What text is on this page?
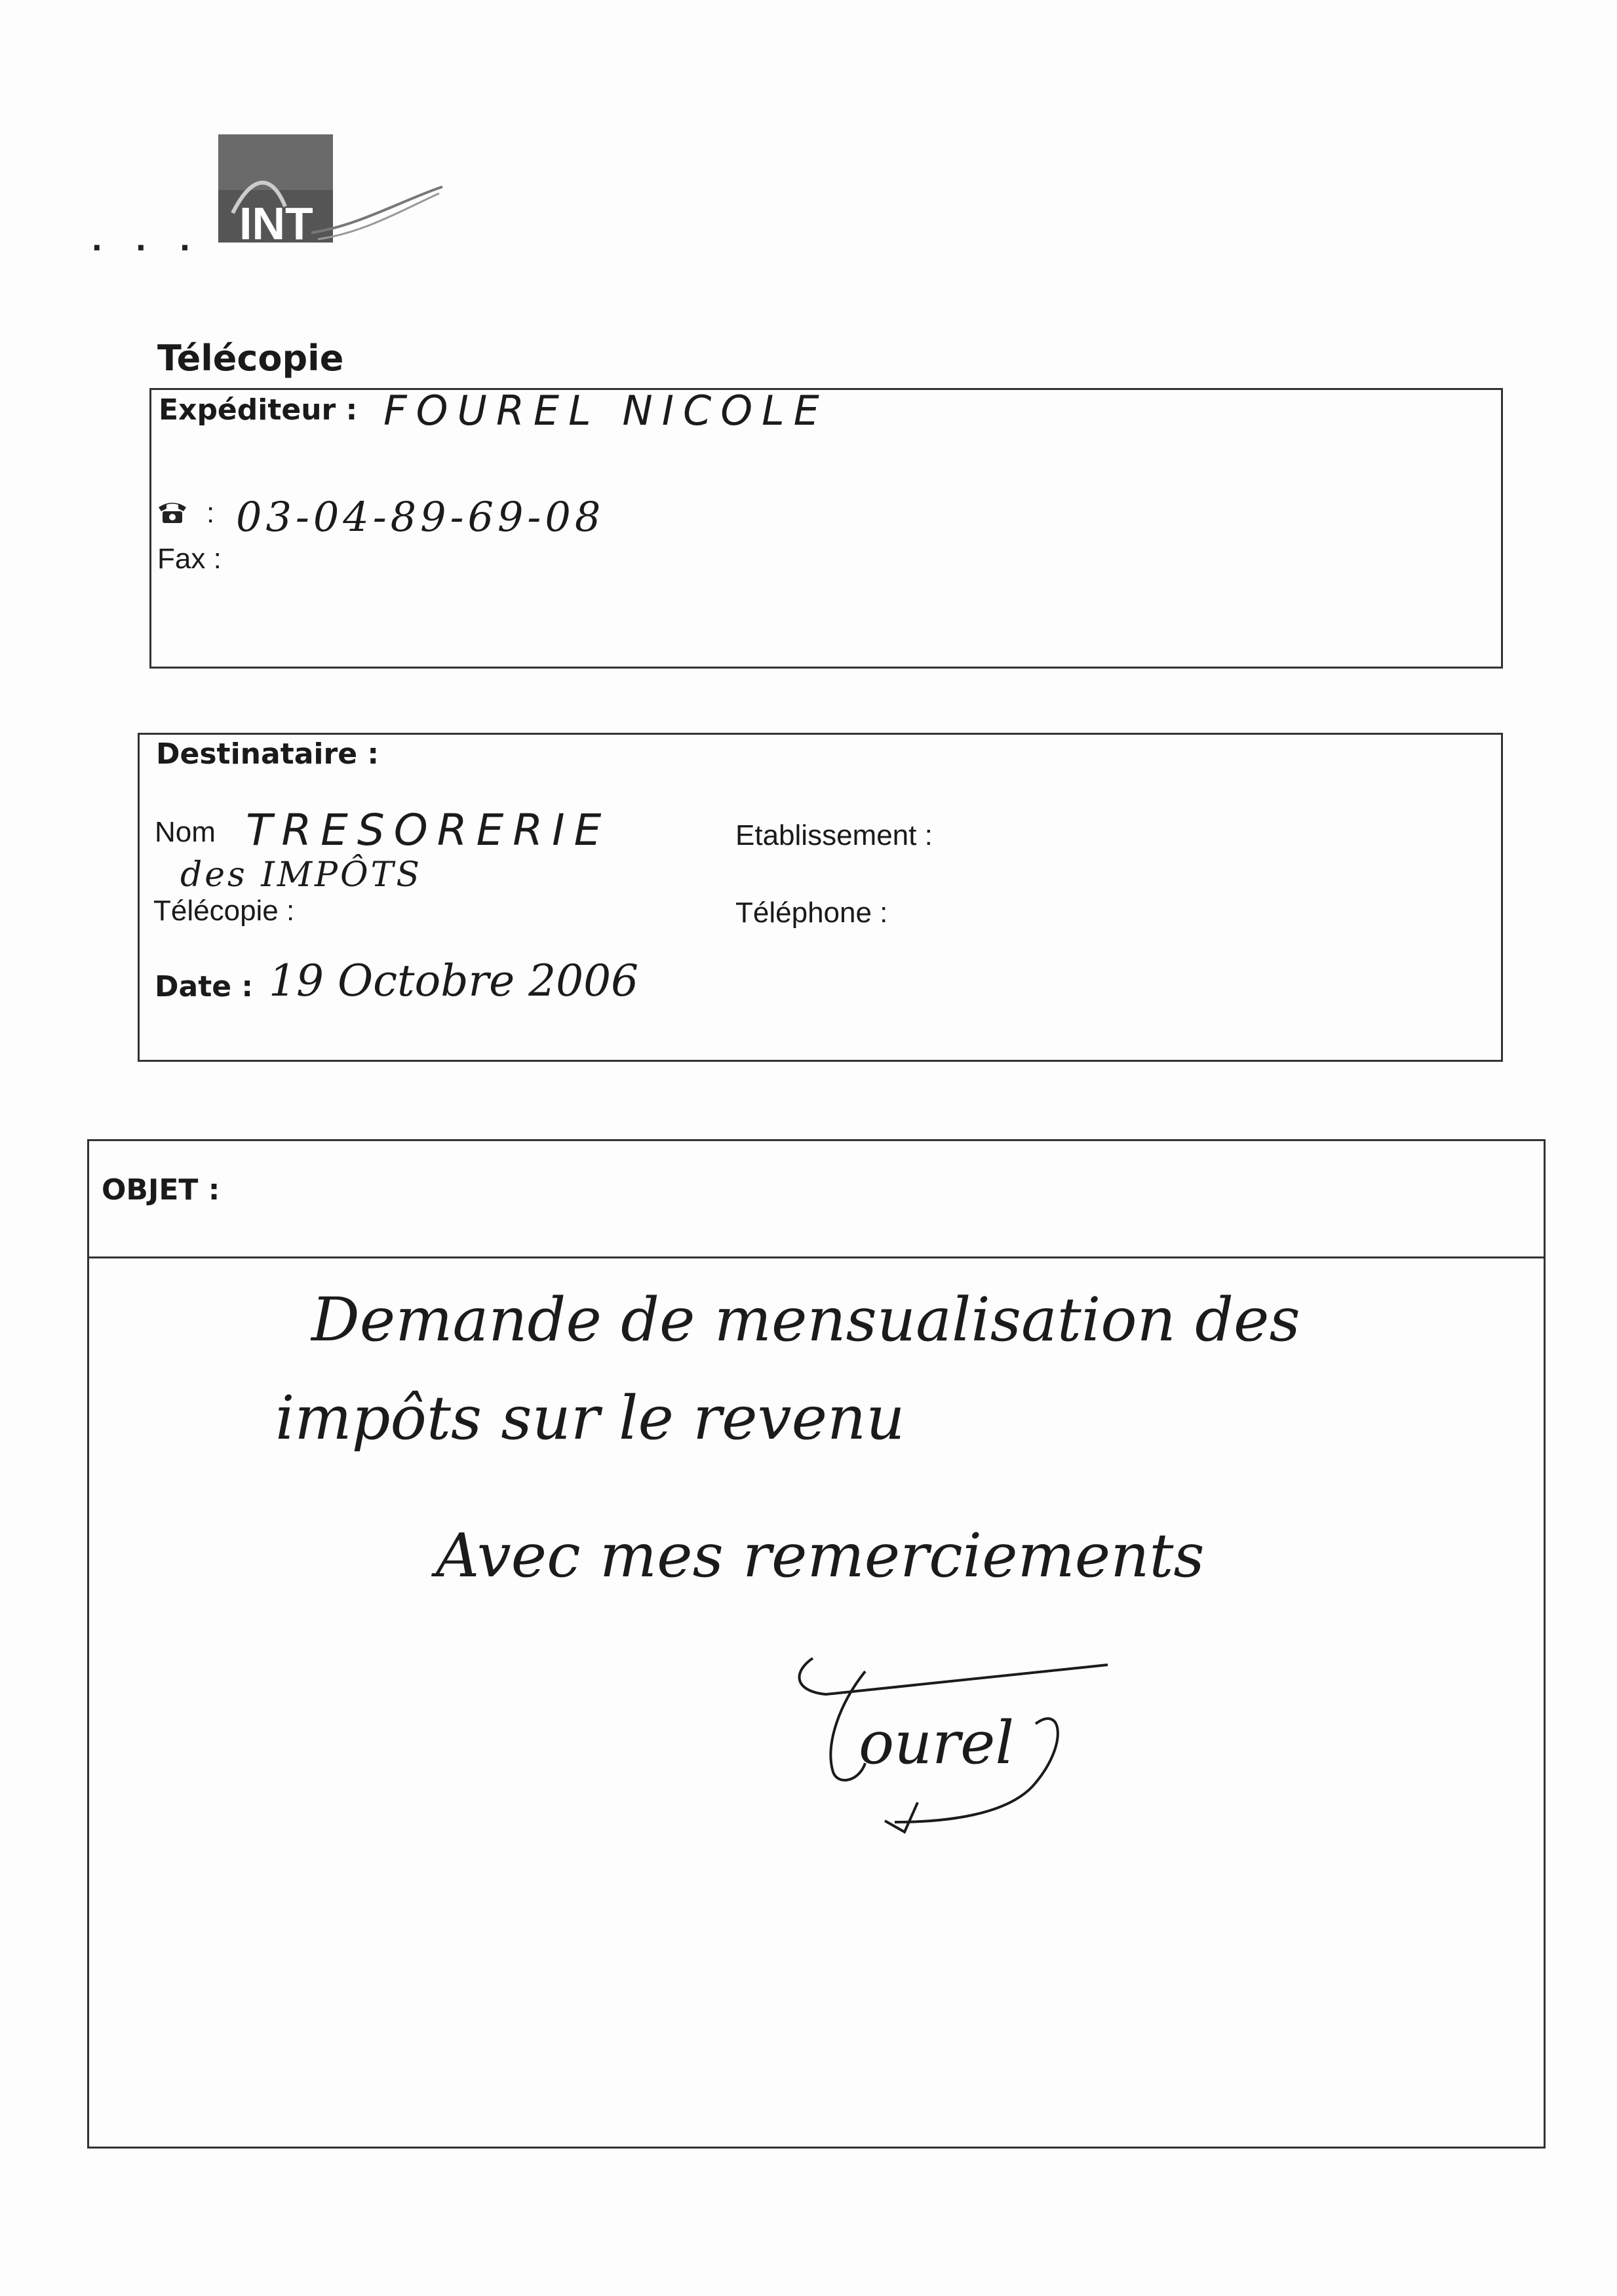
. . . INT
Télécopie
Expéditeur : FOUREL NICOLE
: 03-04-89-69-08
Fax :
Destinataire :
Nom TRESORERIE
des IMPÔTS
Télécopie :
Date : 19 Octobre 2006
Etablissement :
Téléphone :
OBJET :
Demande de mensualisation des
impôts sur le revenu
Avec mes remerciements
ourel
